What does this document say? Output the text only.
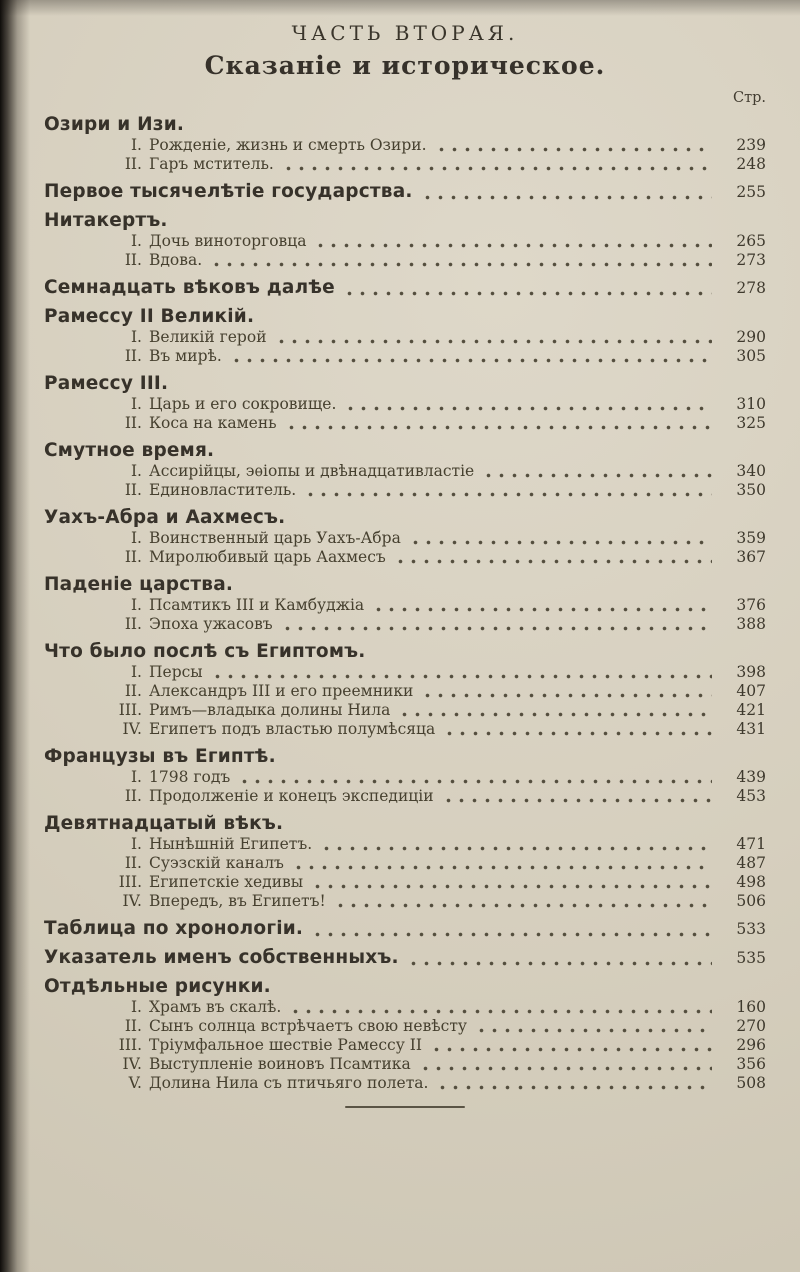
ЧАСТЬ ВТОРАЯ.
Сказаніе и историческое.
Стр.
Озири и Изи.
I. Рожденіе, жизнь и смерть Озири.	239
II. Гаръ мститель.	248
Первое тысячелѣтіе государства.	255
Нитакертъ.
I. Дочь виноторговца	265
II. Вдова.	273
Семнадцать вѣковъ далѣе	278
Рамессу II Великій.
I. Великій герой	290
II. Въ мирѣ.	305
Рамессу III.
I. Царь и его сокровище.	310
II. Коса на камень	325
Смутное время.
I. Ассирійцы, эѳіопы и двѣнадцативластіе	340
II. Единовластитель.	350
Уахъ-Абра и Аахмесъ.
I. Воинственный царь Уахъ-Абра	359
II. Миролюбивый царь Аахмесъ	367
Паденіе царства.
I. Псамтикъ III и Камбуджіа	376
II. Эпоха ужасовъ	388
Что было послѣ съ Египтомъ.
I. Персы	398
II. Александръ III и его преемники	407
III. Римъ—владыка долины Нила	421
IV. Египетъ подъ властью полумѣсяца	431
Французы въ Египтѣ.
I. 1798 годъ	439
II. Продолженіе и конецъ экспедиціи	453
Девятнадцатый вѣкъ.
I. Нынѣшній Египетъ.	471
II. Суэзскій каналъ	487
III. Египетскіе хедивы	498
IV. Впередъ, въ Египетъ!	506
Таблица по хронологіи.	533
Указатель именъ собственныхъ.	535
Отдѣльные рисунки.
I. Храмъ въ скалѣ.	160
II. Сынъ солнца встрѣчаетъ свою невѣсту	270
III. Тріумфальное шествіе Рамессу II	296
IV. Выступленіе воиновъ Псамтика	356
V. Долина Нила съ птичьяго полета.	508
